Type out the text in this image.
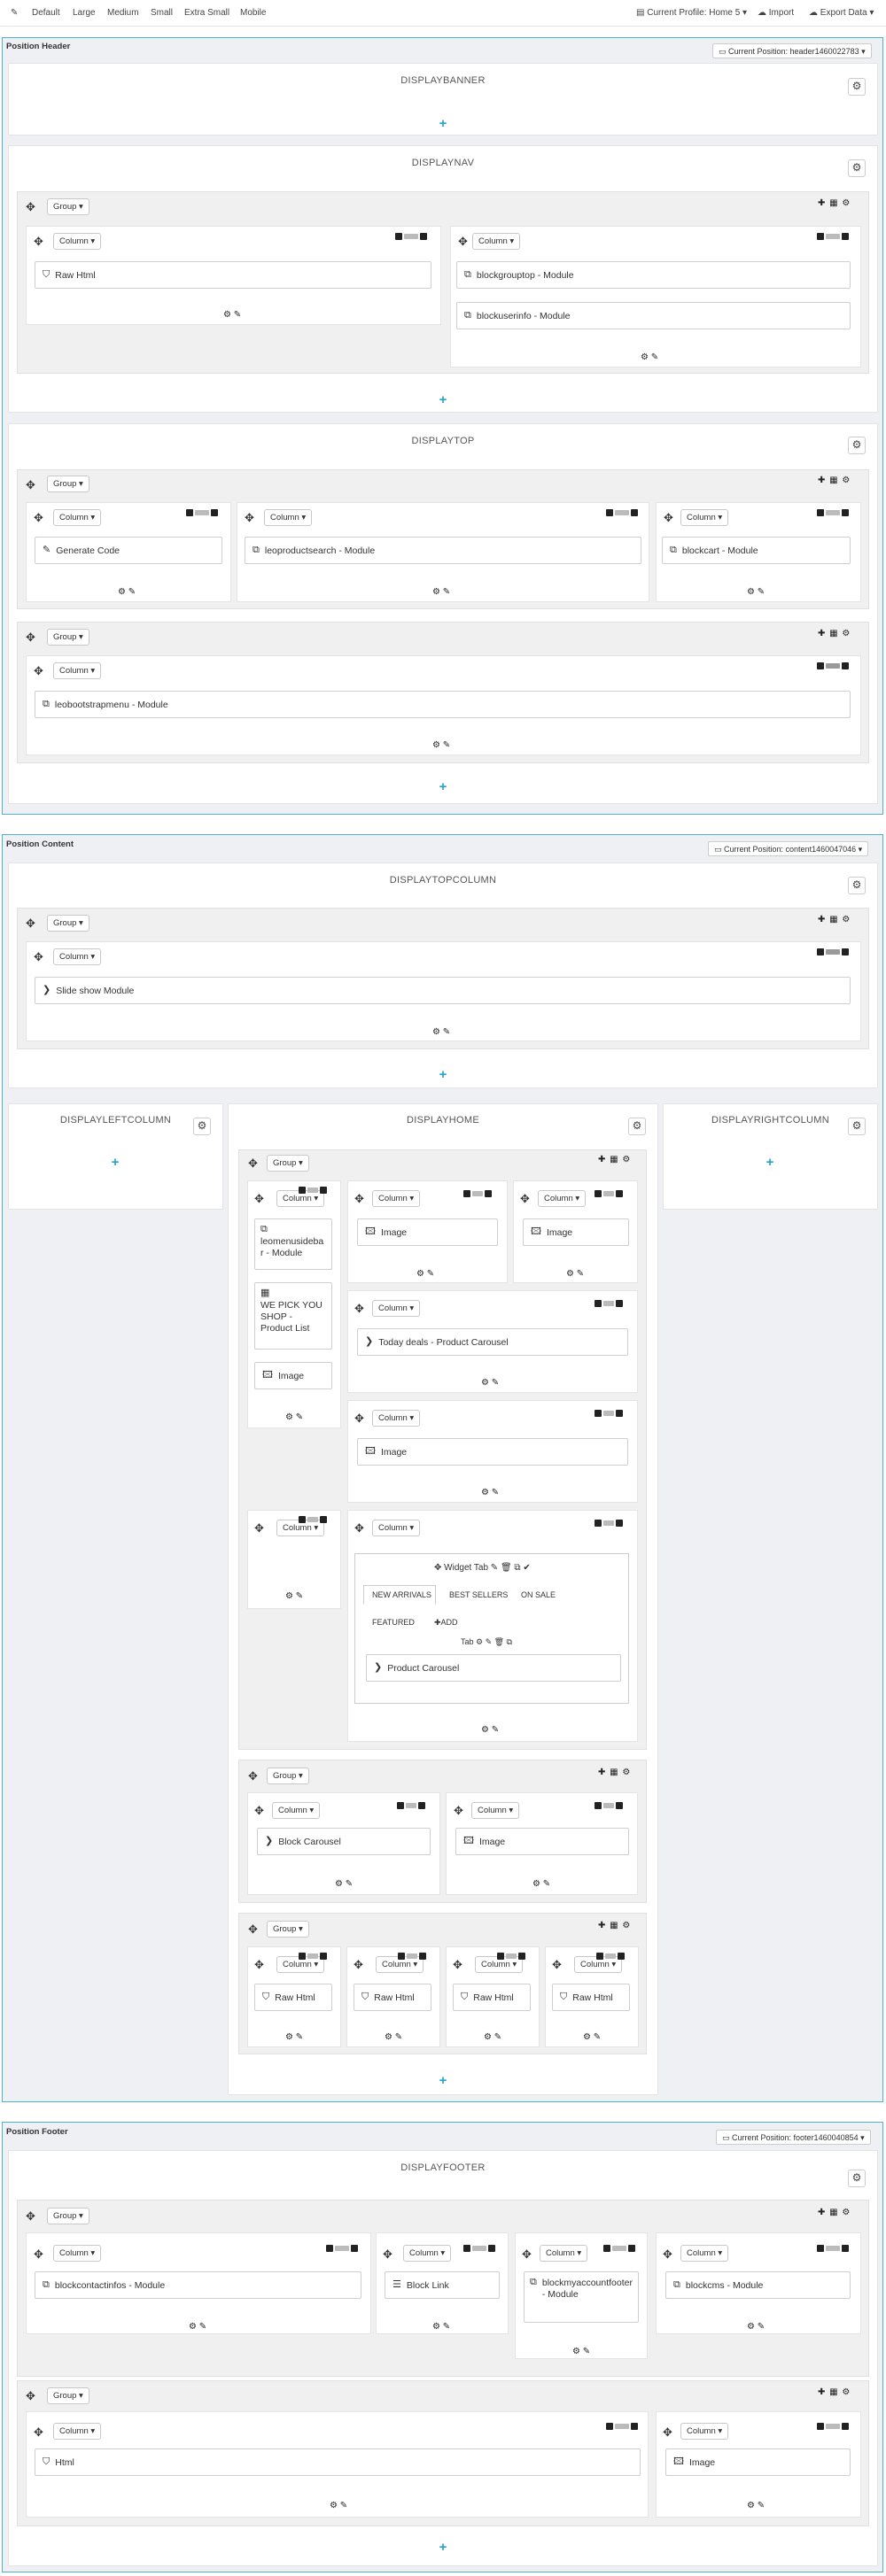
✎ Default Large Medium Small Extra Small Mobile	▤ Current Profile: Home 5 ▾ ☁ Import ☁ Export Data ▾
Position Header	▭ Current Position: header1460022783 ▾
DISPLAYBANNER	⚙
+
DISPLAYNAV	⚙
✥	Group ▾	✚ ▦ ⚙
✥	Column ▾
⛉ Raw Html
⚙ ✎
✥	Column ▾
⧉ blockgrouptop - Module
⧉ blockuserinfo - Module
⚙ ✎
+
DISPLAYTOP	⚙
✥	Group ▾	✚ ▦ ⚙
✥	Column ▾
✎ Generate Code
⚙ ✎
✥	Column ▾
⧉ leoproductsearch - Module
⚙ ✎
✥	Column ▾
⧉ blockcart - Module
⚙ ✎
✥	Group ▾	✚ ▦ ⚙
✥	Column ▾
⧉ leobootstrapmenu - Module
⚙ ✎
+
Position Content	▭ Current Position: content1460047046 ▾
DISPLAYTOPCOLUMN	⚙
✥	Group ▾	✚ ▦ ⚙
✥	Column ▾
❯ Slide show Module
⚙ ✎
+
DISPLAYLEFTCOLUMN	⚙
+
DISPLAYRIGHTCOLUMN	⚙
+
DISPLAYHOME	⚙
✥	Group ▾	✚ ▦ ⚙
✥	Column ▾
⧉
leomenusidebar - Module
▦
WE PICK YOU SHOP - Product List
🖾 Image
⚙ ✎
✥	Column ▾
🖾 Image
⚙ ✎
✥	Column ▾
🖾 Image
⚙ ✎
✥	Column ▾
❯ Today deals - Product Carousel
⚙ ✎
✥	Column ▾
🖾 Image
⚙ ✎
✥	Column ▾
⚙ ✎
✥	Column ▾
✥ Widget Tab ✎ 🗑 ⧉ ✔
NEW ARRIVALS BEST SELLERS ON SALE
FEATURED ✚ADD
Tab ⚙ ✎ 🗑 ⧉
❯ Product Carousel
⚙ ✎
✥	Group ▾	✚ ▦ ⚙
✥	Column ▾
❯ Block Carousel
⚙ ✎
✥	Column ▾
🖾 Image
⚙ ✎
✥	Group ▾	✚ ▦ ⚙
✥	Column ▾
⛉ Raw Html
⚙ ✎
✥	Column ▾
⛉ Raw Html
⚙ ✎
✥	Column ▾
⛉ Raw Html
⚙ ✎
✥	Column ▾
⛉ Raw Html
⚙ ✎
+
Position Footer
▭ Current Position: footer1460040854 ▾
DISPLAYFOOTER
⚙
✥	Group ▾	✚ ▦ ⚙
✥	Column ▾
⧉ blockcontactinfos - Module
⚙ ✎
✥	Column ▾
☰ Block Link
⚙ ✎
✥	Column ▾
⧉ blockmyaccountfooter - Module
⚙ ✎
✥	Column ▾
⧉ blockcms - Module
⚙ ✎
✥	Group ▾	✚ ▦ ⚙
✥	Column ▾
⛉ Html
⚙ ✎
✥	Column ▾
🖾 Image
⚙ ✎
+
